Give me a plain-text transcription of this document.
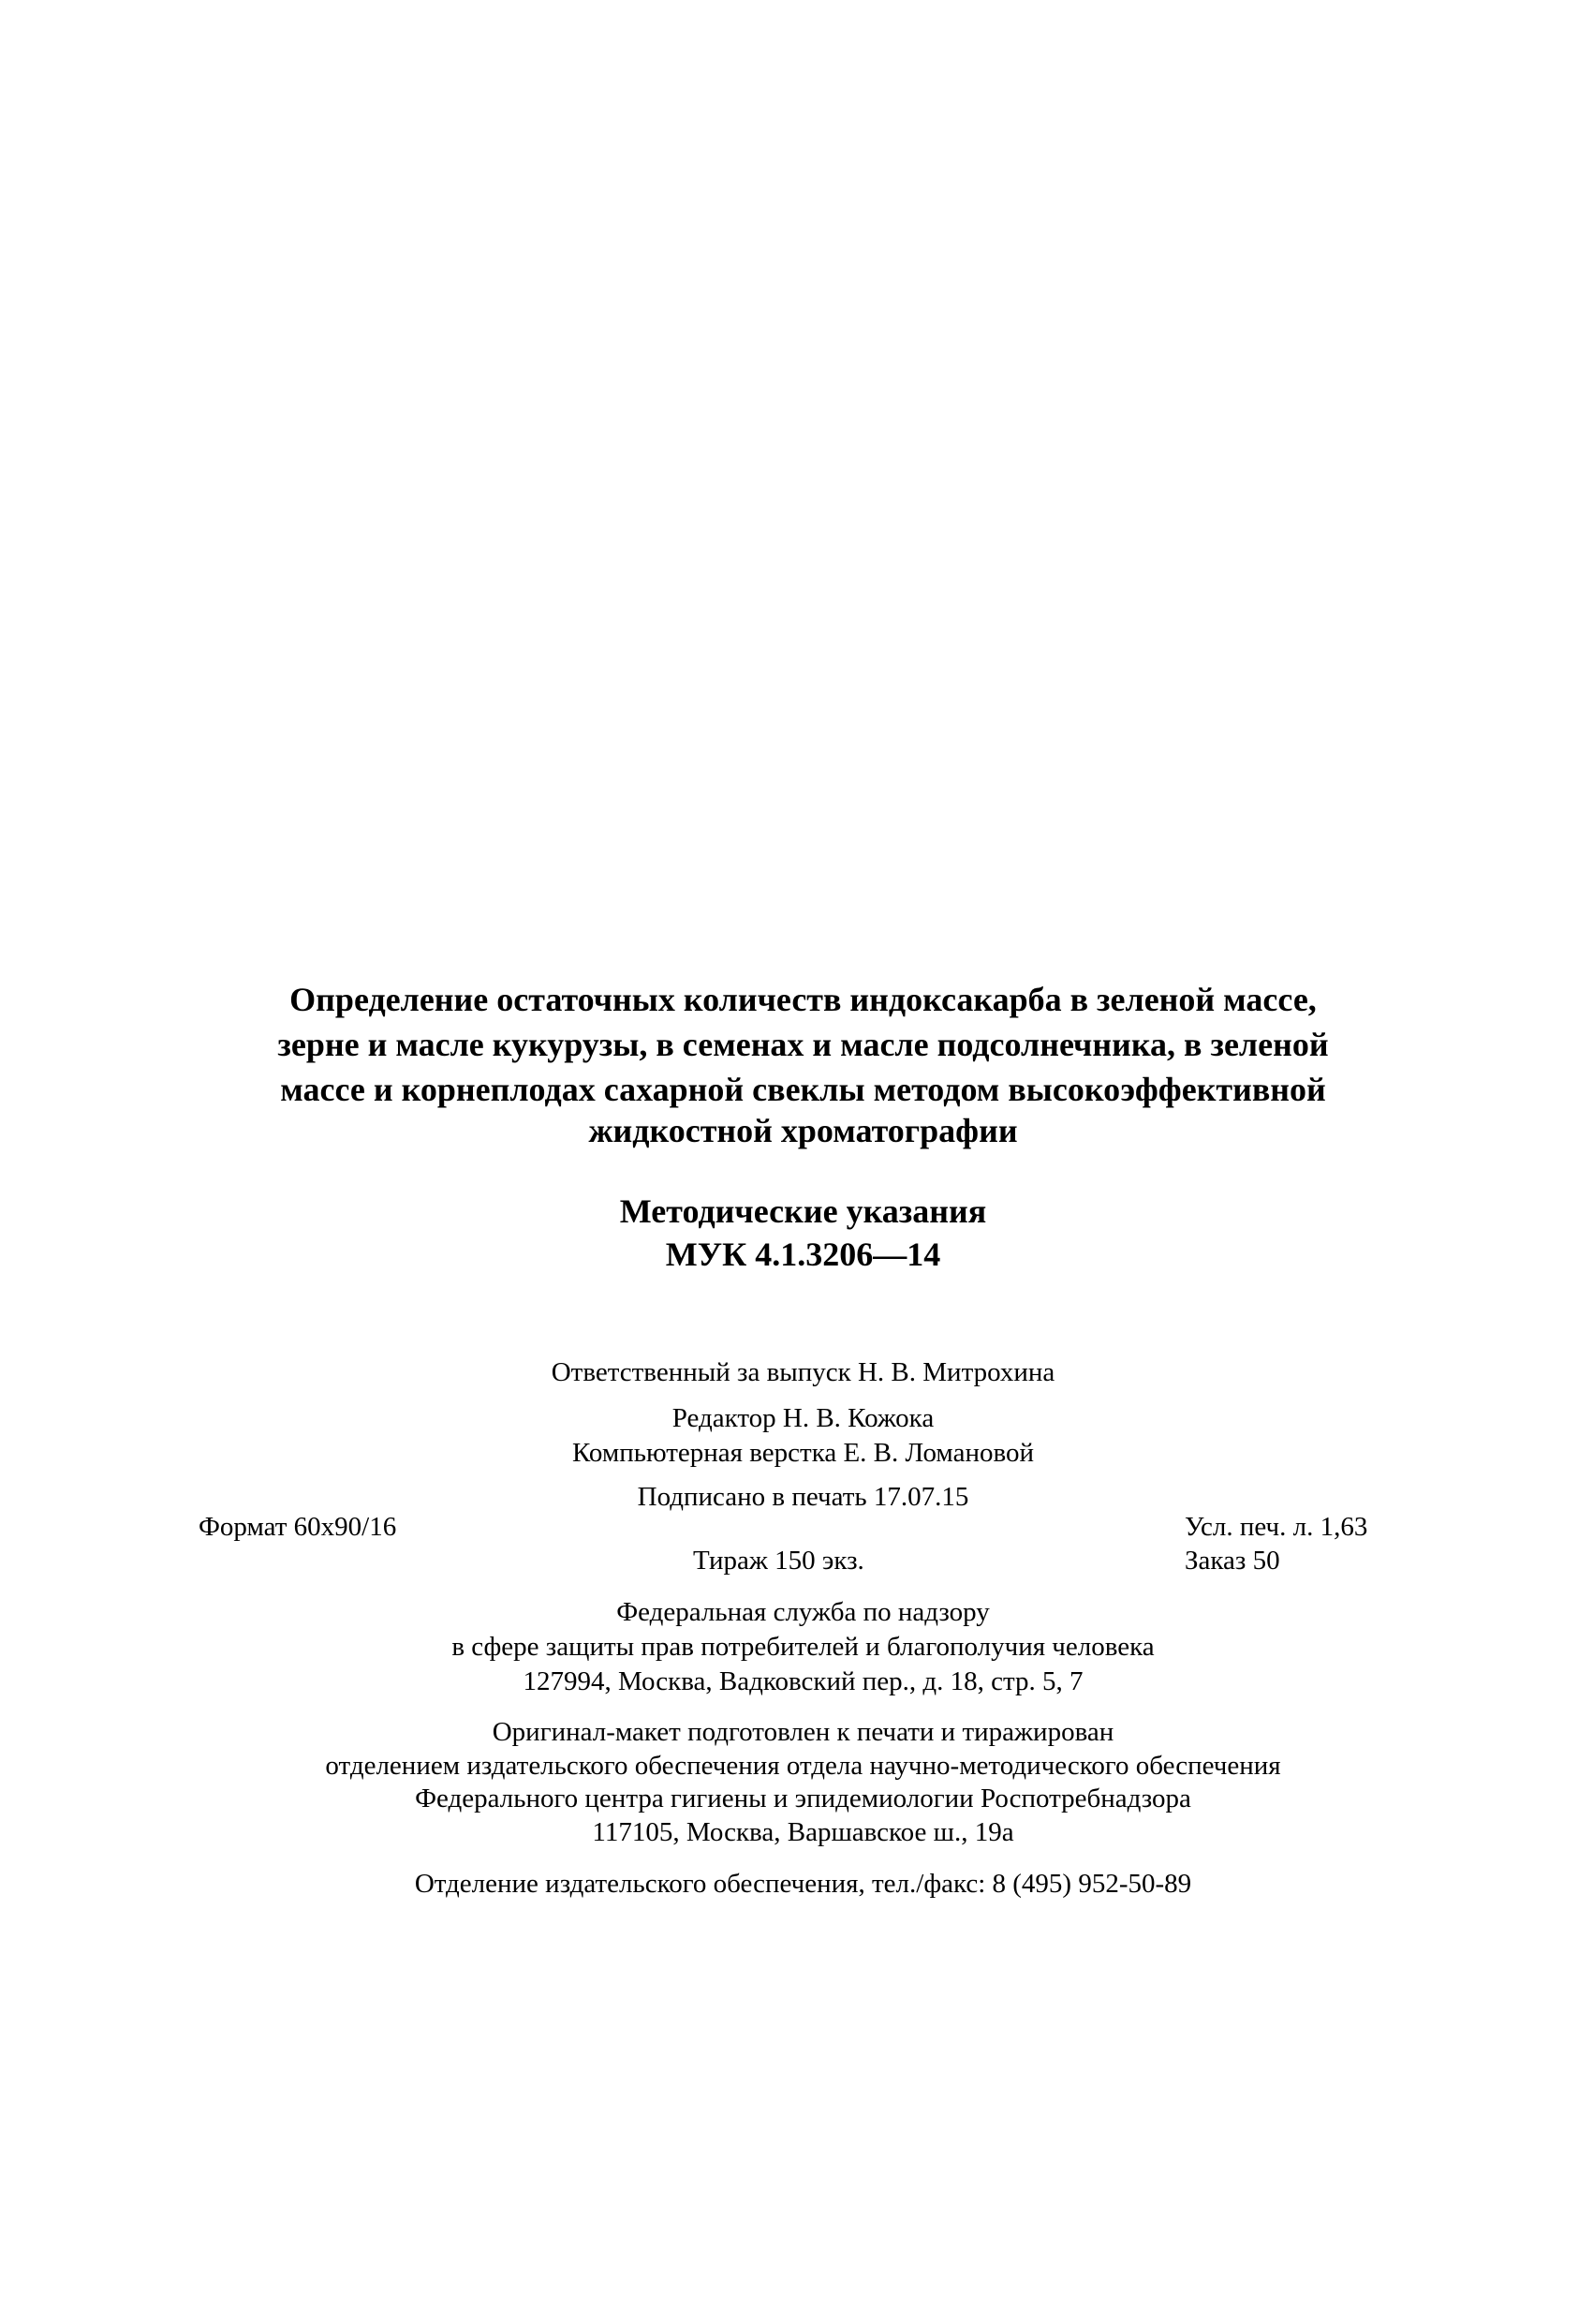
Определение остаточных количеств индоксакарба в зеленой массе,
зерне и масле кукурузы, в семенах и масле подсолнечника, в зеленой
массе и корнеплодах сахарной свеклы методом высокоэффективной
жидкостной хроматографии
Методические указания
МУК 4.1.3206—14
Ответственный за выпуск Н. В. Митрохина
Редактор Н. В. Кожока
Компьютерная верстка Е. В. Ломановой
Подписано в печать 17.07.15
Формат 60x90/16	Усл. печ. л. 1,63
Тираж 150 экз.	Заказ 50
Федеральная служба по надзору
в сфере защиты прав потребителей и благополучия человека
127994, Москва, Вадковский пер., д. 18, стр. 5, 7
Оригинал-макет подготовлен к печати и тиражирован
отделением издательского обеспечения отдела научно-методического обеспечения
Федерального центра гигиены и эпидемиологии Роспотребнадзора
117105, Москва, Варшавское ш., 19а
Отделение издательского обеспечения, тел./факс: 8 (495) 952-50-89
